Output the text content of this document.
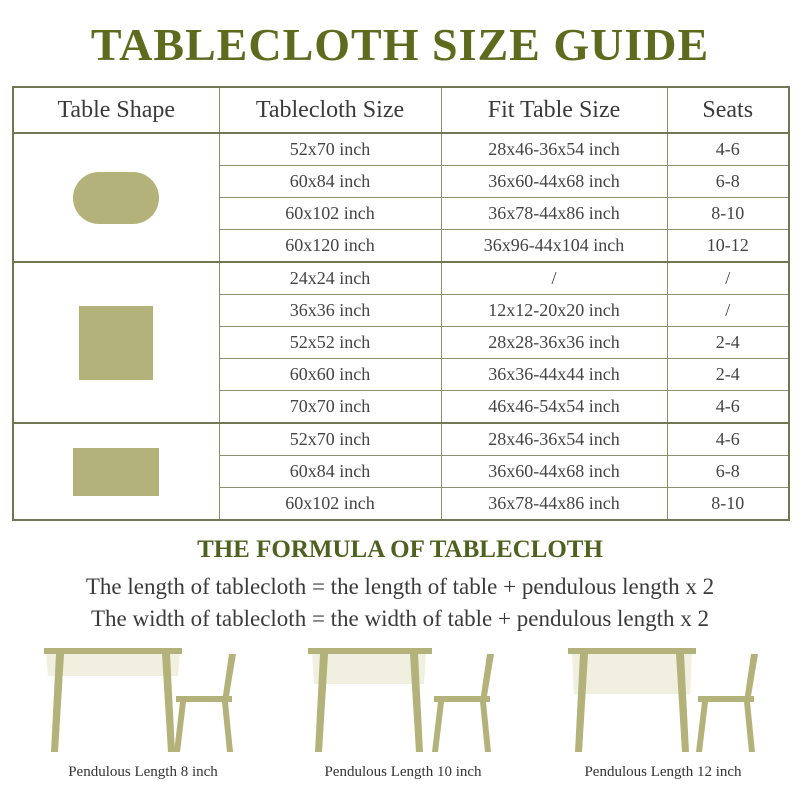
TABLECLOTH SIZE GUIDE
Table Shape	Tablecloth Size	Fit Table Size	Seats

	52x70 inch	28x46-36x54 inch	4-6
	60x84 inch	36x60-44x68 inch	6-8
	60x102 inch	36x78-44x86 inch	8-10
	60x120 inch	36x96-44x104 inch	10-12

	24x24 inch	/	/
	36x36 inch	12x12-20x20 inch	/
	52x52 inch	28x28-36x36 inch	2-4
	60x60 inch	36x36-44x44 inch	2-4
	70x70 inch	46x46-54x54 inch	4-6

	52x70 inch	28x46-36x54 inch	4-6
	60x84 inch	36x60-44x68 inch	6-8
	60x102 inch	36x78-44x86 inch	8-10
THE FORMULA OF TABLECLOTH

The length of tablecloth = the length of table + pendulous length x 2

The width of tablecloth = the width of table + pendulous length x 2

Pendulous Length 8 inch	Pendulous Length 10 inch	Pendulous Length 12 inch
